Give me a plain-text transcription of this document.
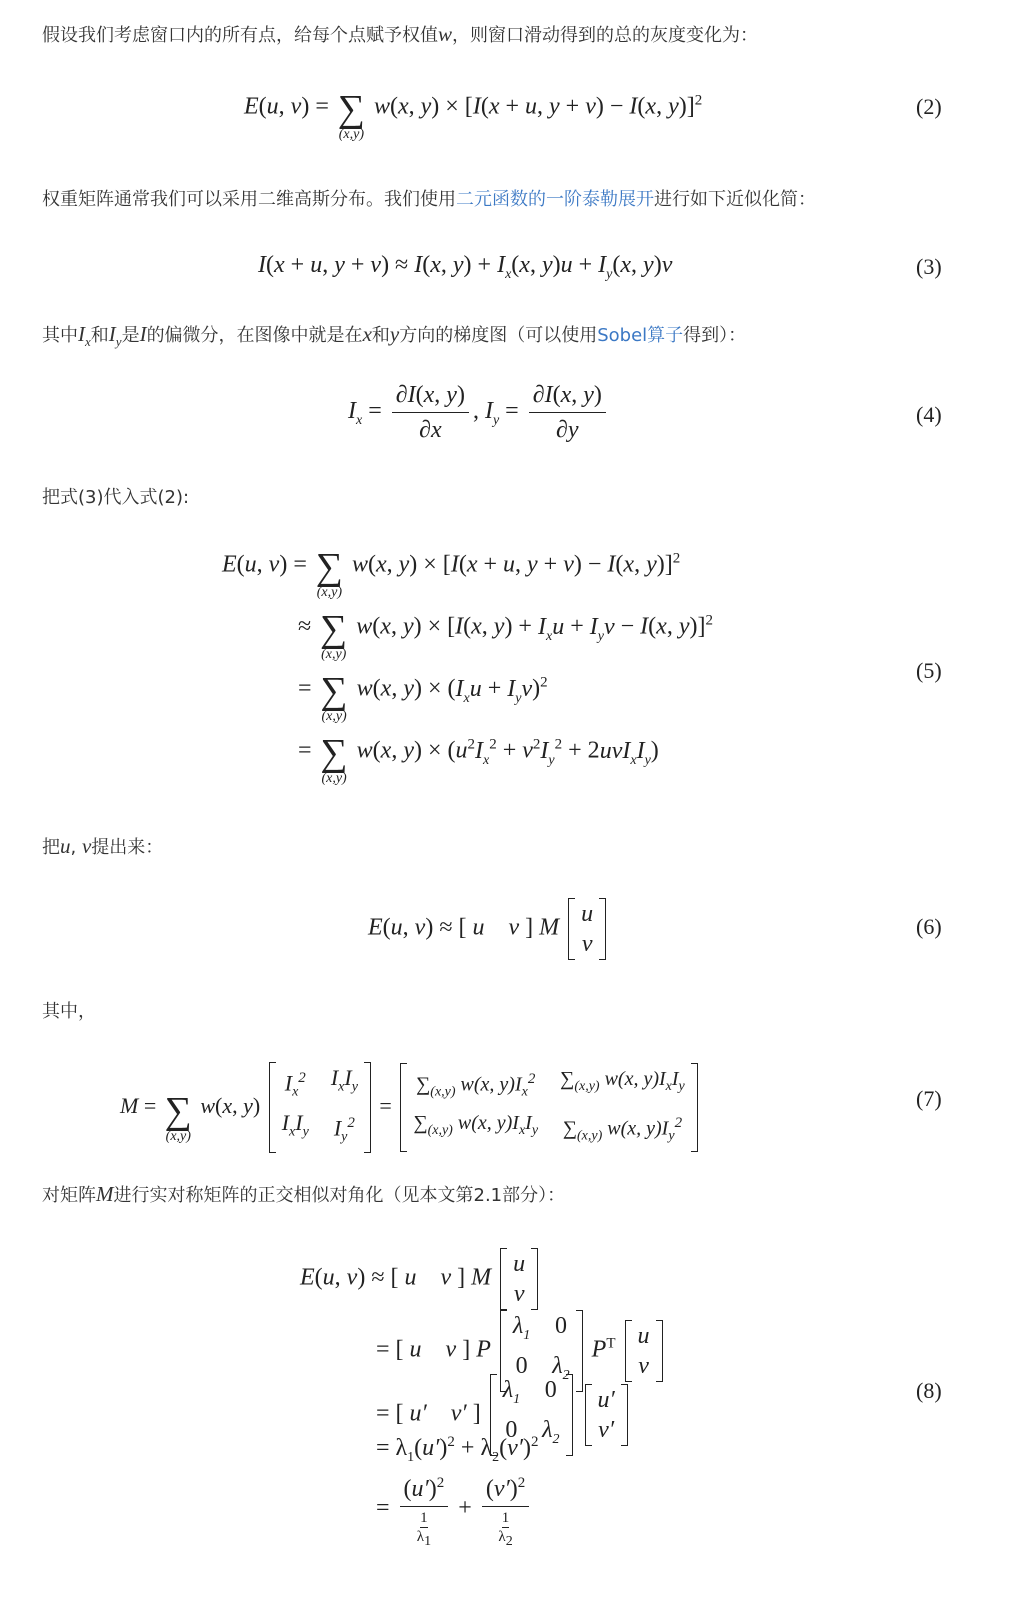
假设我们考虑窗口内的所有点，给每个点赋予权值w，则窗口滑动得到的总的灰度变化为：
E(u, v) = ∑
(x,y)
w(x, y) × [I(x + u, y + v) − I(x, y)]$^2$	(2)
权重矩阵通常我们可以采用二维高斯分布。我们使用二元函数的一阶泰勒展开进行如下近似化简：
I(x + u, y + v) ≈ I(x, $y) + I_x(x$, $y)u + I_y(x$, y)v	(3)
其中$I_x$和$I_y$是I的偏微分，在图像中就是在x和y方向的梯度图（可以使用Sobel算子得到）：
$I_x = \frac{\partial I(x, y)}{\partial x}$ , $I_y = \frac{\partial I(x, y)}{\partial y}$	(4)
把式(3)代入式(2):
E(u, v) = ∑
(x,y)
w(x, y) × [I(x + u, y + v) − I(x, y)]$^2$
≈ ∑
(x,y)
w(x, y) × [I(x, $y) + I_xu + I_yv - I(x$, y)]$^2$
= ∑
(x,y)
w(x, $y) \times (I_xu + I_yv)^2$
= ∑
(x,y)
w(x, $y) \times (u^2I_x^2 + v^2I_y^2 + 2uvI_xI_y)$
(5)
把u, v提出来：
E(u, v) ≈ [ u v ] M
u
v
(6)
其中，
M = ∑
(x,y)
w(x, y)
$I_x^2$ $I_xI_y$
$I_xI_y$ $I_y^2$
=
$\sum_{(x,y)}$ w(x, $y)I_x^2$ $\sum_{(x,y)}$ w(x, $y)I_xI_y$
$\sum_{(x,y)}$ w(x, $y)I_xI_y$ $\sum_{(x,y)}$ w(x, $y)I_y^2$
(7)
对矩阵M进行实对称矩阵的正交相似对角化（见本文第2.1部分）：
E(u, v) ≈ [ u v ] M
u
v
= [ u v ] P
$\lambda_1$ 0
0 $\lambda_2$
$P^T$ u
v
= [ u′ v′ ]
$\lambda_1$ 0
0 $\lambda_2$

u′
v′
= $\lambda_1(u')^2 + \lambda_2(v')^2$
= $\frac{(u')^2}{\frac{1}{\lambda_1}} + \frac{(v')^2}{\frac{1}{\lambda_2}}$
(8)
